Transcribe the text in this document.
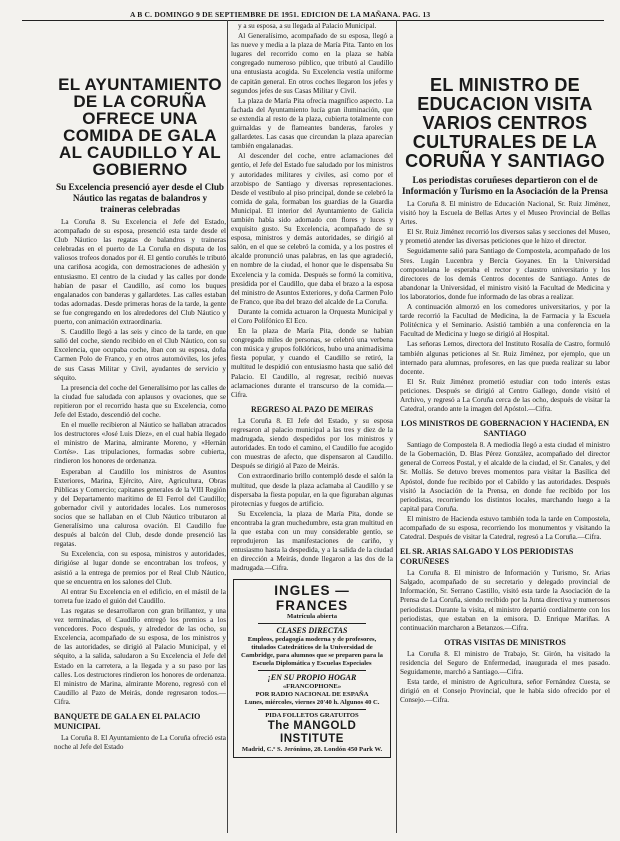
A B C. DOMINGO 9 DE SEPTIEMBRE DE 1951. EDICION DE LA MAÑANA. PAG. 13
EL AYUNTAMIENTO DE LA CORUÑA OFRECE UNA COMIDA DE GALA AL CAUDILLO Y AL GOBIERNO
Su Excelencia presenció ayer desde el Club Náutico las regatas de balandros y traineras celebradas

La Coruña 8. Su Excelencia el Jefe del Estado, acompañado de su esposa, presenció esta tarde desde el Club Náutico las regatas de balandros y traineras celebradas en el puerto de La Coruña en disputa de los valiosos trofeos donados por él. El gentío coruñés le tributó una cariñosa acogida, con demostraciones de adhesión y entusiasmo. El centro de la ciudad y las calles por donde habían de pasar el Caudillo, así como los buques engalanados con banderas y gallardetes. Las calles estaban todas adornadas. Desde primeras horas de la tarde, la gente se fue congregando en los alrededores del Club Náutico y puerto, con animación extraordinaria.

S. Caudillo llegó a las seis y cinco de la tarde, en que salió del coche, siendo recibido en el Club Náutico, con su Excelencia, que ocupaba coche, iban con su esposa, doña Carmen Polo de Franco, y en otros automóviles, los jefes de sus Casas Militar y Civil, ayudantes de servicio y séquito.

La presencia del coche del Generalísimo por las calles de la ciudad fue saludada con aplausos y ovaciones, que se repitieron por el recorrido hasta que su Excelencia, como Jefe del Estado, descendió del coche.

En el muelle recibieron al Náutico se hallaban atracados los destructores «José Luis Díez», en el cual había llegado el ministro de Marina, almirante Moreno, y «Hernán Cortés». Las tripulaciones, formadas sobre cubierta, rindieron los honores de ordenanza.

Esperaban al Caudillo los ministros de Asuntos Exteriores, Marina, Ejército, Aire, Agricultura, Obras Públicas y Comercio; capitanes generales de la VIII Región y del Departamento marítimo de El Ferrol del Caudillo; gobernador civil y autoridades locales. Los numerosos socios que se hallaban en el Club Náutico tributaron al Generalísimo una calurosa ovación. El Caudillo fue después al balcón del Club, desde donde presenció las regatas.

Su Excelencia, con su esposa, ministros y autoridades, dirigióse al lugar donde se encontraban los trofeos, y asistió a la entrega de premios por el Real Club Náutico, que se encuentra en los salones del Club.

Al entrar Su Excelencia en el edificio, en el mástil de la torreta fue izado el guión del Caudillo.

Las regatas se desarrollaron con gran brillantez, y una vez terminadas, el Caudillo entregó los premios a los vencedores. Poco después, y alrededor de las ocho, su Excelencia, acompañado de su esposa, de los ministros y de las autoridades, se dirigió al Palacio Municipal, y el séquito, a la salida, saludaron a Su Excelencia el Jefe del Estado en la carretera, a la llegada y a su paso por las calles. Los destructores rindieron los honores de ordenanza. El ministro de Marina, almirante Moreno, regresó con el Caudillo al Pazo de Meirás, donde regresaron todos.—Cifra.

BANQUETE DE GALA EN EL PALACIO MUNICIPAL

La Coruña 8. El Ayuntamiento de La Coruña ofreció esta noche al Jefe del Estado

y a su esposa, a su llegada al Palacio Municipal.

Al Generalísimo, acompañado de su esposa, llegó a las nueve y media a la plaza de María Pita. Tanto en los lugares del recorrido como en la plaza se había congregado numeroso público, que tributó al Caudillo una entusiasta acogida. Su Excelencia vestía uniforme de capitán general. En otros coches llegaron los jefes y segundos jefes de sus Casas Militar y Civil.

La plaza de María Pita ofrecía magnífico aspecto. La fachada del Ayuntamiento lucía gran iluminación, que se extendía al resto de la plaza, cubierta totalmente con guirnaldas y de flameantes banderas, faroles y gallardetes. Las casas que circundan la plaza aparecían también engalanadas.

Al descender del coche, entre aclamaciones del gentío, el Jefe del Estado fue saludado por los ministros y autoridades militares y civiles, así como por el arzobispo de Santiago y diversas representaciones. Desde el vestíbulo al piso principal, donde se celebró la comida de gala, formaban los guardias de la Guardia Municipal. El interior del Ayuntamiento de Galicia también había sido adornado con flores y luces y exquisito gusto. Su Excelencia, acompañado de su esposa, ministros y demás autoridades, se dirigió al salón, en el que se celebró la comida, y a los postres el alcalde pronunció unas palabras, en las que agradeció, en nombre de la ciudad, el honor que le dispensaba Su Excelencia y la comida. Después se formó la comitiva, presidida por el Caudillo, que daba el brazo a la esposa del ministro de Asuntos Exteriores, y doña Carmen Polo de Franco, que iba del brazo del alcalde de La Coruña.

Durante la comida actuaron la Orquesta Municipal y el Coro Polifónico El Eco.

En la plaza de María Pita, donde se habían congregado miles de personas, se celebró una verbena con música y grupos folklóricos, hubo una animadísima fiesta popular, y cuando el Caudillo se retiró, la multitud le despidió con entusiasmo hasta que salió del Palacio. El Caudillo, al regresar, recibió nuevas aclamaciones durante el transcurso de la comida.—Cifra.

REGRESO AL PAZO DE MEIRAS

La Coruña 8. El Jefe del Estado, y su esposa regresaron al palacio municipal a las tres y diez de la madrugada, siendo despedidos por los ministros y autoridades. En todo el camino, el Caudillo fue acogido con muestras de afecto, que dispensaron al Caudillo. Después se dirigió al Pazo de Meirás.

Con extraordinario brillo contempló desde el salón la multitud, que desde la plaza aclamaba al Caudillo y se dispersaba la fiesta popular, en la que figuraban algunas pirotecnias y fuegos de artificio.

Su Excelencia, la plaza de María Pita, donde se encontraba la gran muchedumbre, esta gran multitud en la que estaba con un muy considerable gentío, se reprodujeron las manifestaciones de cariño, y entusiasmo hasta la despedida, y a la salida de la ciudad en dirección a Meirás, donde llegaron a las dos de la madrugada.—Cifra.

INGLES — FRANCES
Matrícula abierta
CLASES DIRECTAS
Empleos, pedagogía moderna y de profesores, titulados Catedráticos de la Universidad de Cambridge, para alumnos que se preparen para la Escuela Diplomática y Escuelas Especiales
¡EN SU PROPIO HOGAR
«FRANCOPHONE»
POR RADIO NACIONAL DE ESPAÑA
Lunes, miércoles, viernes 20'40 h. Algunos 40 C.
PIDA FOLLETOS GRATUITOS
The MANGOLD INSTITUTE
Madrid, C.º S. Jerónimo, 28. Londón 450 Park W.
EL MINISTRO DE EDUCACION VISITA VARIOS CENTROS CULTURALES DE LA CORUÑA Y SANTIAGO
Los periodistas coruñeses departieron con el de Información y Turismo en la Asociación de la Prensa

La Coruña 8. El ministro de Educación Nacional, Sr. Ruiz Jiménez, visitó hoy la Escuela de Bellas Artes y el Museo Provincial de Bellas Artes.

El Sr. Ruiz Jiménez recorrió los diversos salas y secciones del Museo, y prometió atender las diversas peticiones que le hizo el director.

Seguidamente salió para Santiago de Compostela, acompañado de los Sres. Lugán Lucenbra y Bercía Goyanes. En la Universidad compostelana le esperaba el rector y claustro universitario y los directores de los demás Centros docentes de Santiago. Antes de abandonar la Universidad, el ministro visitó la Facultad de Medicina y los laboratorios, donde fue informado de las obras a realizar.

A continuación almorzó en los comedores universitarios, y por la tarde recorrió la Facultad de Medicina, la de Farmacia y la Escuela Politécnica y el Seminario. Asistió también a una conferencia en la Facultad de Medicina y luego se dirigió al Hospital.

Las señoras Lemos, directora del Instituto Rosalía de Castro, formuló también algunas peticiones al Sr. Ruiz Jiménez, por ejemplo, que un internado para alumnas, profesores, en las que pueda realizar su labor docente.

El Sr. Ruiz Jiménez prometió estudiar con todo interés estas peticiones. Después se dirigió al Centro Gallego, donde visitó el Archivo, y regresó a La Coruña cerca de las ocho, después de visitar la Catedral, orando ante la imagen del Apóstol.—Cifra.

LOS MINISTROS DE GOBERNACION Y HACIENDA, EN SANTIAGO

Santiago de Compostela 8. A mediodía llegó a esta ciudad el ministro de la Gobernación, D. Blas Pérez González, acompañado del director general de Correos Postal, y el alcalde de la ciudad, el Sr. Canales, y del Sr. Mollás. Se detuvo breves momentos para visitar la Basílica del Apóstol, donde fue recibido por el Cabildo y las autoridades. Después visitó la Asociación de la Prensa, en donde fue recibido por los periodistas, recorriendo los distintos locales, marchando luego a la capital para Coruña.

El ministro de Hacienda estuvo también toda la tarde en Compostela, acompañado de su esposa, recorriendo los monumentos y visitando la Catedral. Después de visitar la Catedral, regresó a La Coruña.—Cifra.

EL SR. ARIAS SALGADO Y LOS PERIODISTAS CORUÑESES

La Coruña 8. El ministro de Información y Turismo, Sr. Arias Salgado, acompañado de su secretario y delegado provincial de Información, Sr. Serrano Castillo, visitó esta tarde la Asociación de la Prensa de La Coruña, siendo recibido por la Junta directiva y numerosos periodistas. Durante la visita, el ministro departió cordialmente con los periodistas, que estaban en la emisora. D. Enrique Mariñas. A continuación marcharon a Betanzos.—Cifra.

OTRAS VISITAS DE MINISTROS

La Coruña 8. El ministro de Trabajo, Sr. Girón, ha visitado la residencia del Seguro de Enfermedad, inaugurada el mes pasado. Seguidamente, marchó a Santiago.—Cifra.

Esta tarde, el ministro de Agricultura, señor Fernández Cuesta, se dirigió en el Consejo Provincial, que le había sido ofrecido por el Consejo.—Cifra.
